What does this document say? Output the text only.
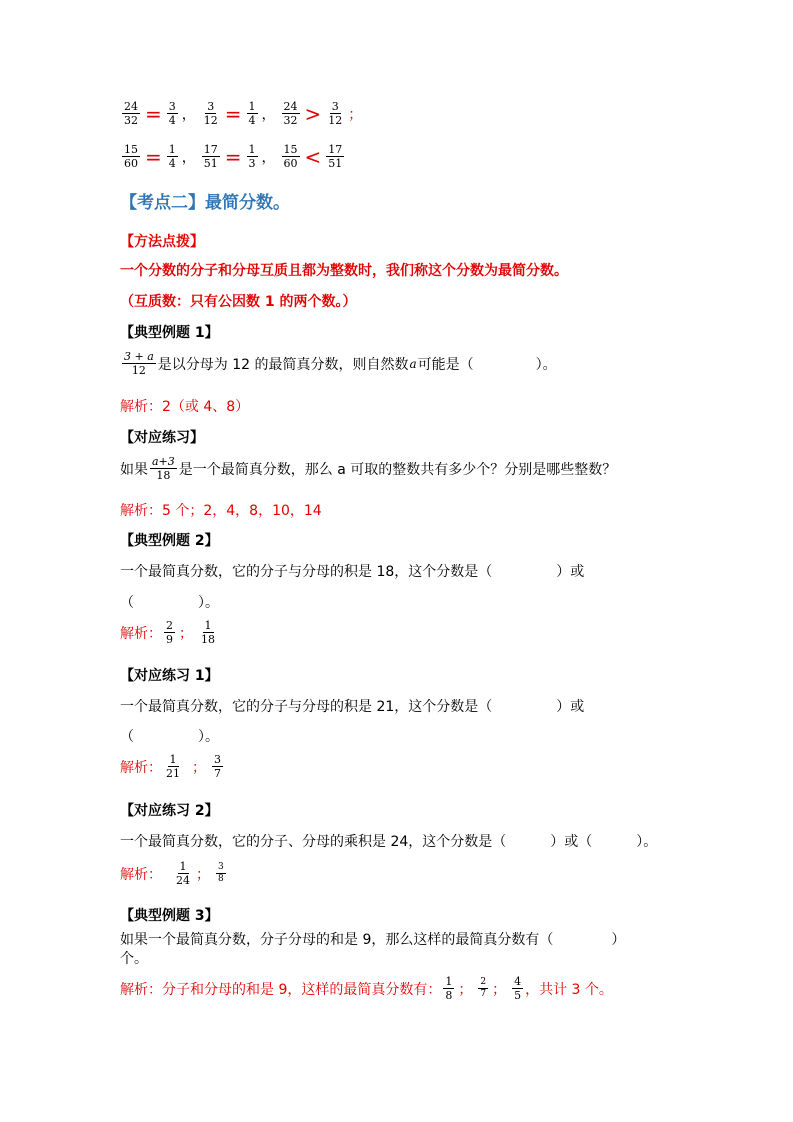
$\frac{24}{32} = \frac{3}{4}$ ， $\frac{3}{12} = \frac{1}{4}$ ， $\frac{24}{32} > \frac{3}{12}$ ；
$\frac{15}{60} = \frac{1}{4}$ ， $\frac{17}{51} = \frac{1}{3}$ ， $\frac{15}{60} < \frac{17}{51}$
【考点二】最简分数。
【方法点拨】
一个分数的分子和分母互质且都为整数时，我们称这个分数为最简分数。
（互质数：只有公因数 1 的两个数。）
【典型例题 1】
$\frac{3 + a}{12}$ 是以分母为 12 的最简真分数，则自然数 a 可能是（	）。
解析：2（或 4、8）
【对应练习】
如果 $\frac{a+3}{18}$ 是一个最简真分数，那么 a 可取的整数共有多少个？分别是哪些整数？
解析：5 个；2，4，8，10，14
【典型例题 2】
一个最简真分数，它的分子与分母的积是 18，这个分数是（	）或
（	）。
解析： $\frac{2}{9}$ ； $\frac{1}{18}$
【对应练习 1】
一个最简真分数，它的分子与分母的积是 21，这个分数是（	）或
（	）。
解析： $\frac{1}{21}$ ； $\frac{3}{7}$
【对应练习 2】
一个最简真分数，它的分子、分母的乘积是 24，这个分数是（	）或（	）。
解析： $\frac{1}{24}$ ； $\frac{3}{8}$
【典型例题 3】
如果一个最简真分数，分子分母的和是 9，那么这样的最简真分数有（	）
个。
解析：分子和分母的和是 9，这样的最简真分数有： $\frac{1}{8}$ ； $\frac{2}{7}$ ； $\frac{4}{5}$ ，共计 3 个。
